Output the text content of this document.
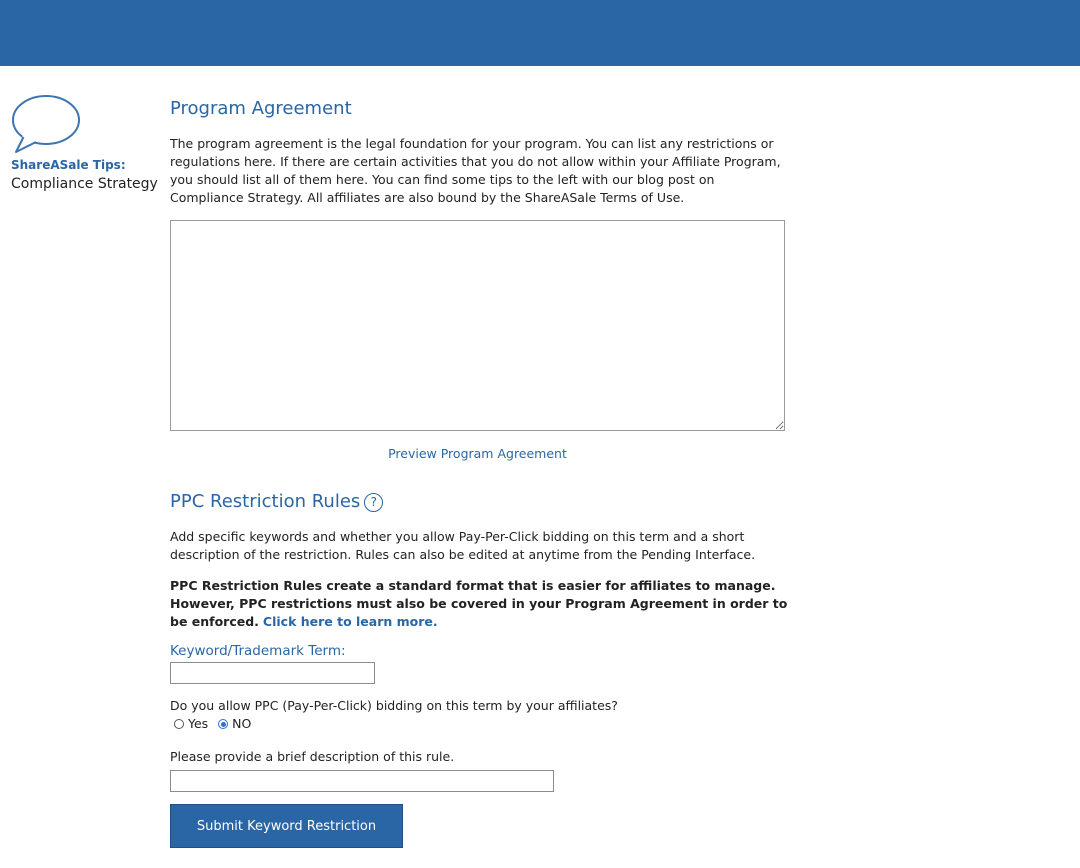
ShareASale Tips:
Compliance Strategy
Program Agreement

The program agreement is the legal foundation for your program. You can list any restrictions or regulations here. If there are certain activities that you do not allow within your Affiliate Program, you should list all of them here. You can find some tips to the left with our blog post on Compliance Strategy. All affiliates are also bound by the ShareASale Terms of Use.

Preview Program Agreement
PPC Restriction Rules ?

Add specific keywords and whether you allow Pay-Per-Click bidding on this term and a short description of the restriction. Rules can also be edited at anytime from the Pending Interface.

PPC Restriction Rules create a standard format that is easier for affiliates to manage. However, PPC restrictions must also be covered in your Program Agreement in order to be enforced. Click here to learn more.

Keyword/Trademark Term:
Do you allow PPC (Pay-Per-Click) bidding on this term by your affiliates?
Yes NO
Please provide a brief description of this rule.
Submit Keyword Restriction
